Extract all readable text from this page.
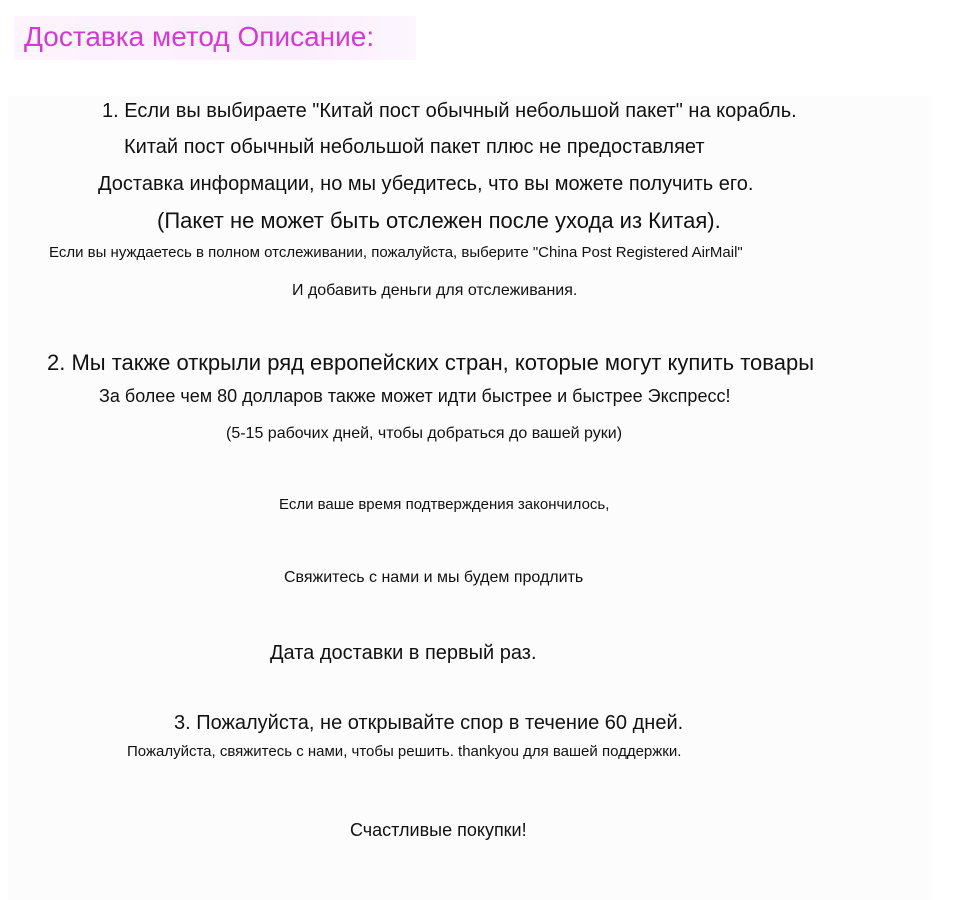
Доставка метод Описание:

1. Если вы выбираете "Китай пост обычный небольшой пакет" на корабль.

Китай пост обычный небольшой пакет плюс не предоставляет

Доставка информации, но мы убедитесь, что вы можете получить его.

(Пакет не может быть отслежен после ухода из Китая).

Если вы нуждаетесь в полном отслеживании, пожалуйста, выберите "China Post Registered AirMail"

И добавить деньги для отслеживания.

2. Мы также открыли ряд европейских стран, которые могут купить товары

За более чем 80 долларов также может идти быстрее и быстрее Экспресс!

(5-15 рабочих дней, чтобы добраться до вашей руки)

Если ваше время подтверждения закончилось,

Свяжитесь с нами и мы будем продлить

Дата доставки в первый раз.

3. Пожалуйста, не открывайте спор в течение 60 дней.

Пожалуйста, свяжитесь с нами, чтобы решить. thankyou для вашей поддержки.

Счастливые покупки!
